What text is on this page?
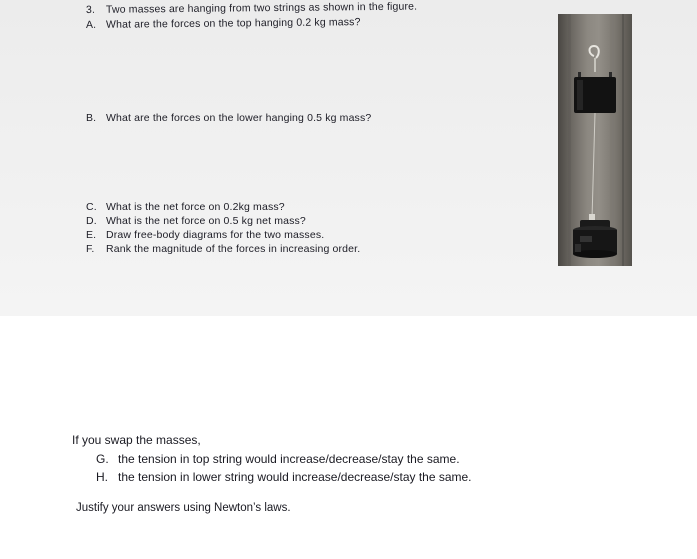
3. Two masses are hanging from two strings as shown in the figure.
A. What are the forces on the top hanging 0.2 kg mass?
B. What are the forces on the lower hanging 0.5 kg mass?
C. What is the net force on 0.2kg mass?
D. What is the net force on 0.5 kg net mass?
E. Draw free-body diagrams for the two masses.
F. Rank the magnitude of the forces in increasing order.
If you swap the masses,
G. the tension in top string would increase/decrease/stay the same.
H. the tension in lower string would increase/decrease/stay the same.
Justify your answers using Newton’s laws.
